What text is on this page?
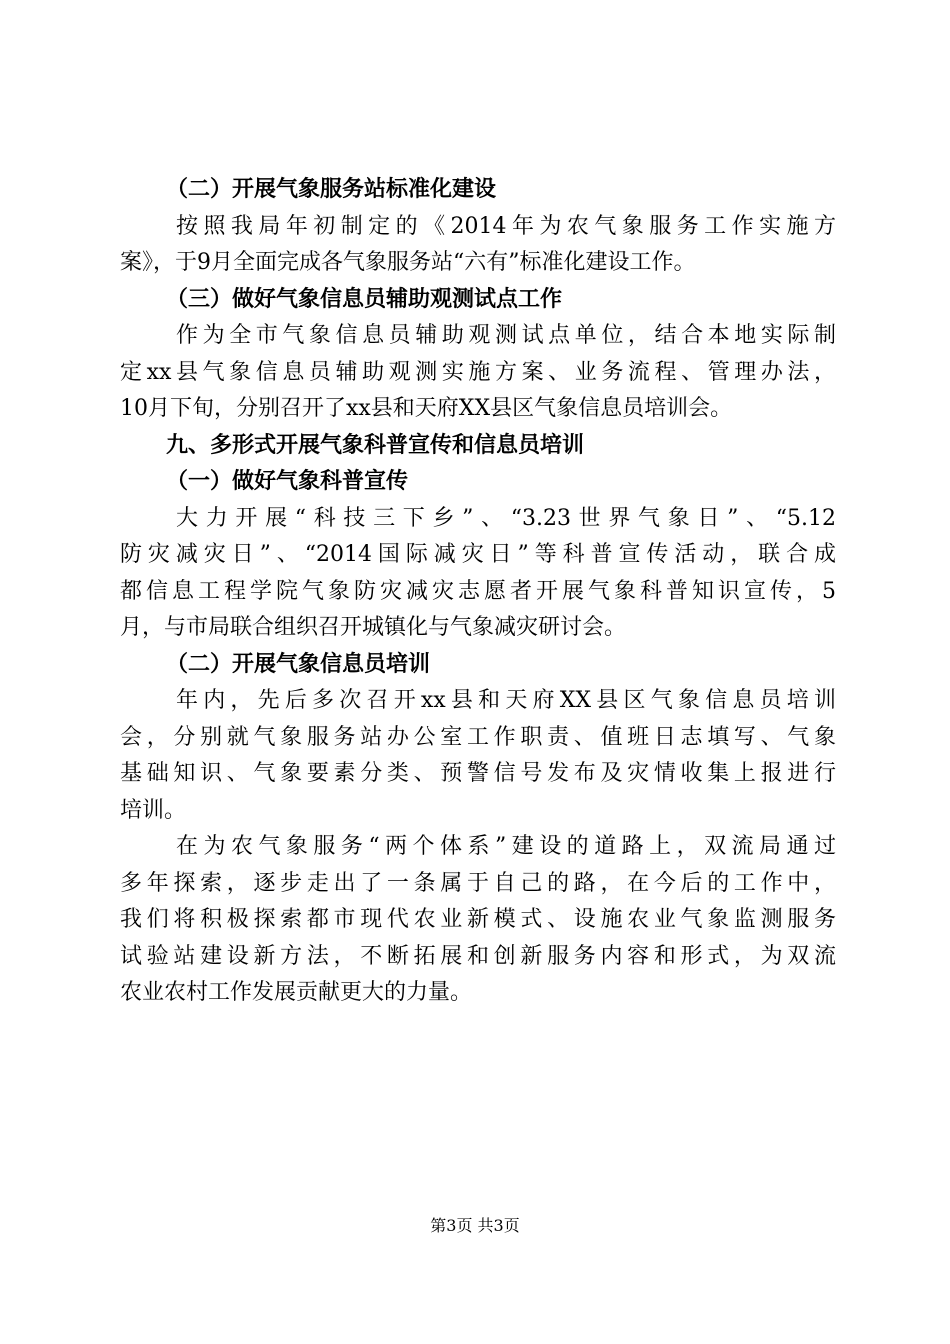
（二）开展气象服务站标准化建设
按照我局年初制定的《2014年为农气象服务工作实施方
案》，于9月全面完成各气象服务站“六有”标准化建设工作。
（三）做好气象信息员辅助观测试点工作
作为全市气象信息员辅助观测试点单位，结合本地实际制
定xx县气象信息员辅助观测实施方案、业务流程、管理办法，
10月下旬，分别召开了xx县和天府XX县区气象信息员培训会。
九、多形式开展气象科普宣传和信息员培训
（一）做好气象科普宣传
大力开展“科技三下乡”、“3.23世界气象日”、“5.12
防灾减灾日”、“2014国际减灾日”等科普宣传活动，联合成
都信息工程学院气象防灾减灾志愿者开展气象科普知识宣传，5
月，与市局联合组织召开城镇化与气象减灾研讨会。
（二）开展气象信息员培训
年内，先后多次召开xx县和天府XX县区气象信息员培训
会，分别就气象服务站办公室工作职责、值班日志填写、气象
基础知识、气象要素分类、预警信号发布及灾情收集上报进行
培训。
在为农气象服务“两个体系”建设的道路上，双流局通过
多年探索，逐步走出了一条属于自己的路，在今后的工作中，
我们将积极探索都市现代农业新模式、设施农业气象监测服务
试验站建设新方法，不断拓展和创新服务内容和形式，为双流
农业农村工作发展贡献更大的力量。
第3页 共3页
